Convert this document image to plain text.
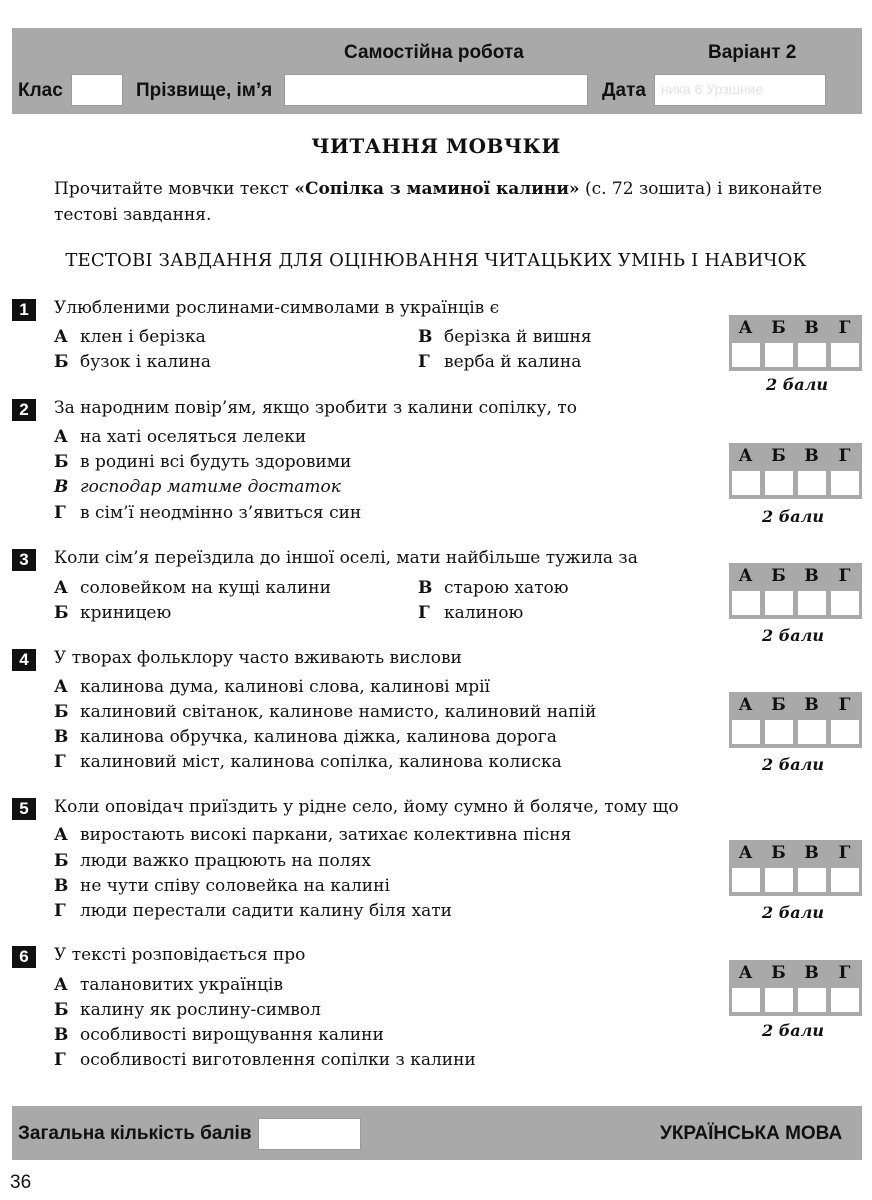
Самостійна робота	Варіант 2
Клас	Прізвище, ім’я	Дата	ника 6 Урзшние
ЧИТАННЯ МОВЧКИ
Прочитайте мовчки текст «Сопілка з маминої калини» (с. 72 зошита) і виконайте тестові завдання.
ТЕСТОВІ ЗАВДАННЯ ДЛЯ ОЦІНЮВАННЯ ЧИТАЦЬКИХ УМІНЬ І НАВИЧОК
1	Улюбленими рослинами-символами в українців є
А клен і берізка
Б бузок і калина
В берізка й вишня
Г верба й калина
А	Б	В	Г
2 бали
2	За народним повір’ям, якщо зробити з калини сопілку, то
А на хаті оселяться лелеки
Б в родині всі будуть здоровими
В господар матиме достаток
Г в сім’ї неодмінно з’явиться син
А	Б	В	Г
2 бали
3	Коли сім’я переїздила до іншої оселі, мати найбільше тужила за
А соловейком на кущі калини
Б криницею
В старою хатою
Г калиною
А	Б	В	Г
2 бали
4	У творах фольклору часто вживають вислови
А калинова дума, калинові слова, калинові мрії
Б калиновий світанок, калинове намисто, калиновий напій
В калинова обручка, калинова діжка, калинова дорога
Г калиновий міст, калинова сопілка, калинова колиска
А	Б	В	Г
2 бали
5	Коли оповідач приїздить у рідне село, йому сумно й боляче, тому що
А виростають високі паркани, затихає колективна пісня
Б люди важко працюють на полях
В не чути співу соловейка на калині
Г люди перестали садити калину біля хати
А	Б	В	Г
2 бали
6	У тексті розповідається про
А талановитих українців
Б калину як рослину-символ
В особливості вирощування калини
Г особливості виготовлення сопілки з калини
А	Б	В	Г
2 бали
Загальна кількість балів	УКРАЇНСЬКА МОВА
36
